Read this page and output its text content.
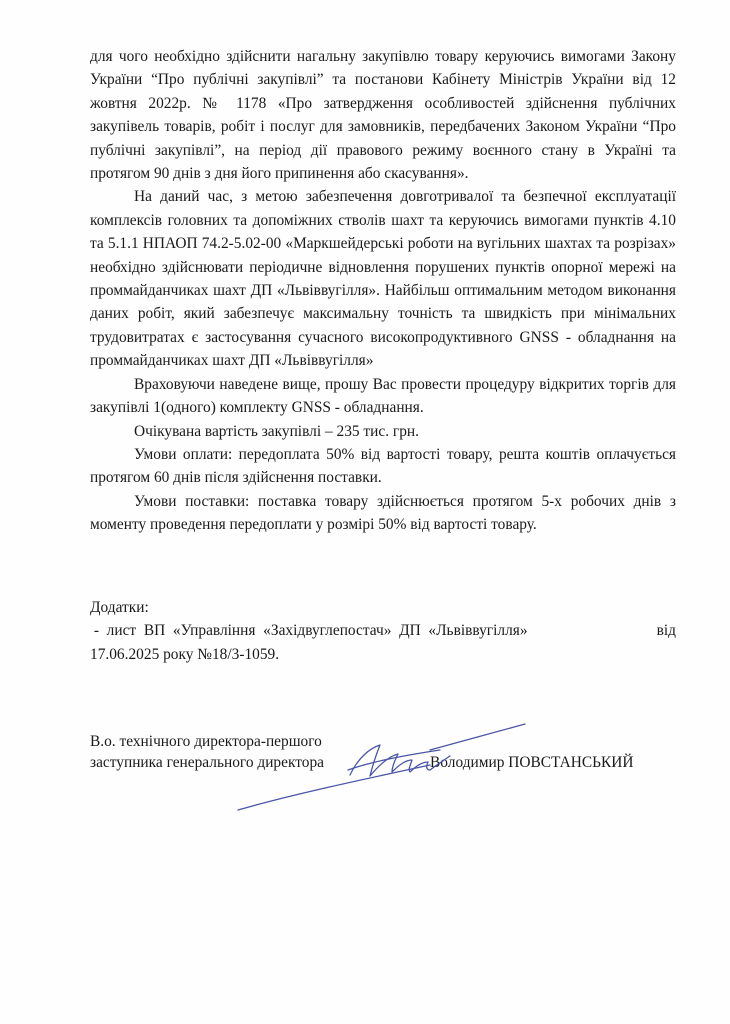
для чого необхідно здійснити нагальну закупівлю товару керуючись вимогами Закону України “Про публічні закупівлі” та постанови Кабінету Міністрів України від 12 жовтня 2022р. № 1178 «Про затвердження особливостей здійснення публічних закупівель товарів, робіт і послуг для замовників, передбачених Законом України “Про публічні закупівлі”, на період дії правового режиму воєнного стану в Україні та протягом 90 днів з дня його припинення або скасування».

На даний час, з метою забезпечення довготривалої та безпечної експлуатації комплексів головних та допоміжних стволів шахт та керуючись вимогами пунктів 4.10 та 5.1.1 НПАОП 74.2-5.02-00 «Маркшейдерські роботи на вугільних шахтах та розрізах» необхідно здійснювати періодичне відновлення порушених пунктів опорної мережі на проммайданчиках шахт ДП «Львіввугілля». Найбільш оптимальним методом виконання даних робіт, який забезпечує максимальну точність та швидкість при мінімальних трудовитратах є застосування сучасного високопродуктивного GNSS - обладнання на проммайданчиках шахт ДП «Львіввугілля»

Враховуючи наведене вище, прошу Вас провести процедуру відкритих торгів для закупівлі 1(одного) комплекту GNSS - обладнання.

Очікувана вартість закупівлі – 235 тис. грн.

Умови оплати: передоплата 50% від вартості товару, решта коштів оплачується протягом 60 днів після здійснення поставки.

Умови поставки: поставка товару здійснюється протягом 5-х робочих днів з моменту проведення передоплати у розмірі 50% від вартості товару.

Додатки:

-  лист  ВП  «Управління  «Західвуглепостач»  ДП  «Львіввугілля»	від

17.06.2025 року №18/3-1059.

В.о. технічного директора-першого
заступника генерального директора	Володимир ПОВСТАНСЬКИЙ
